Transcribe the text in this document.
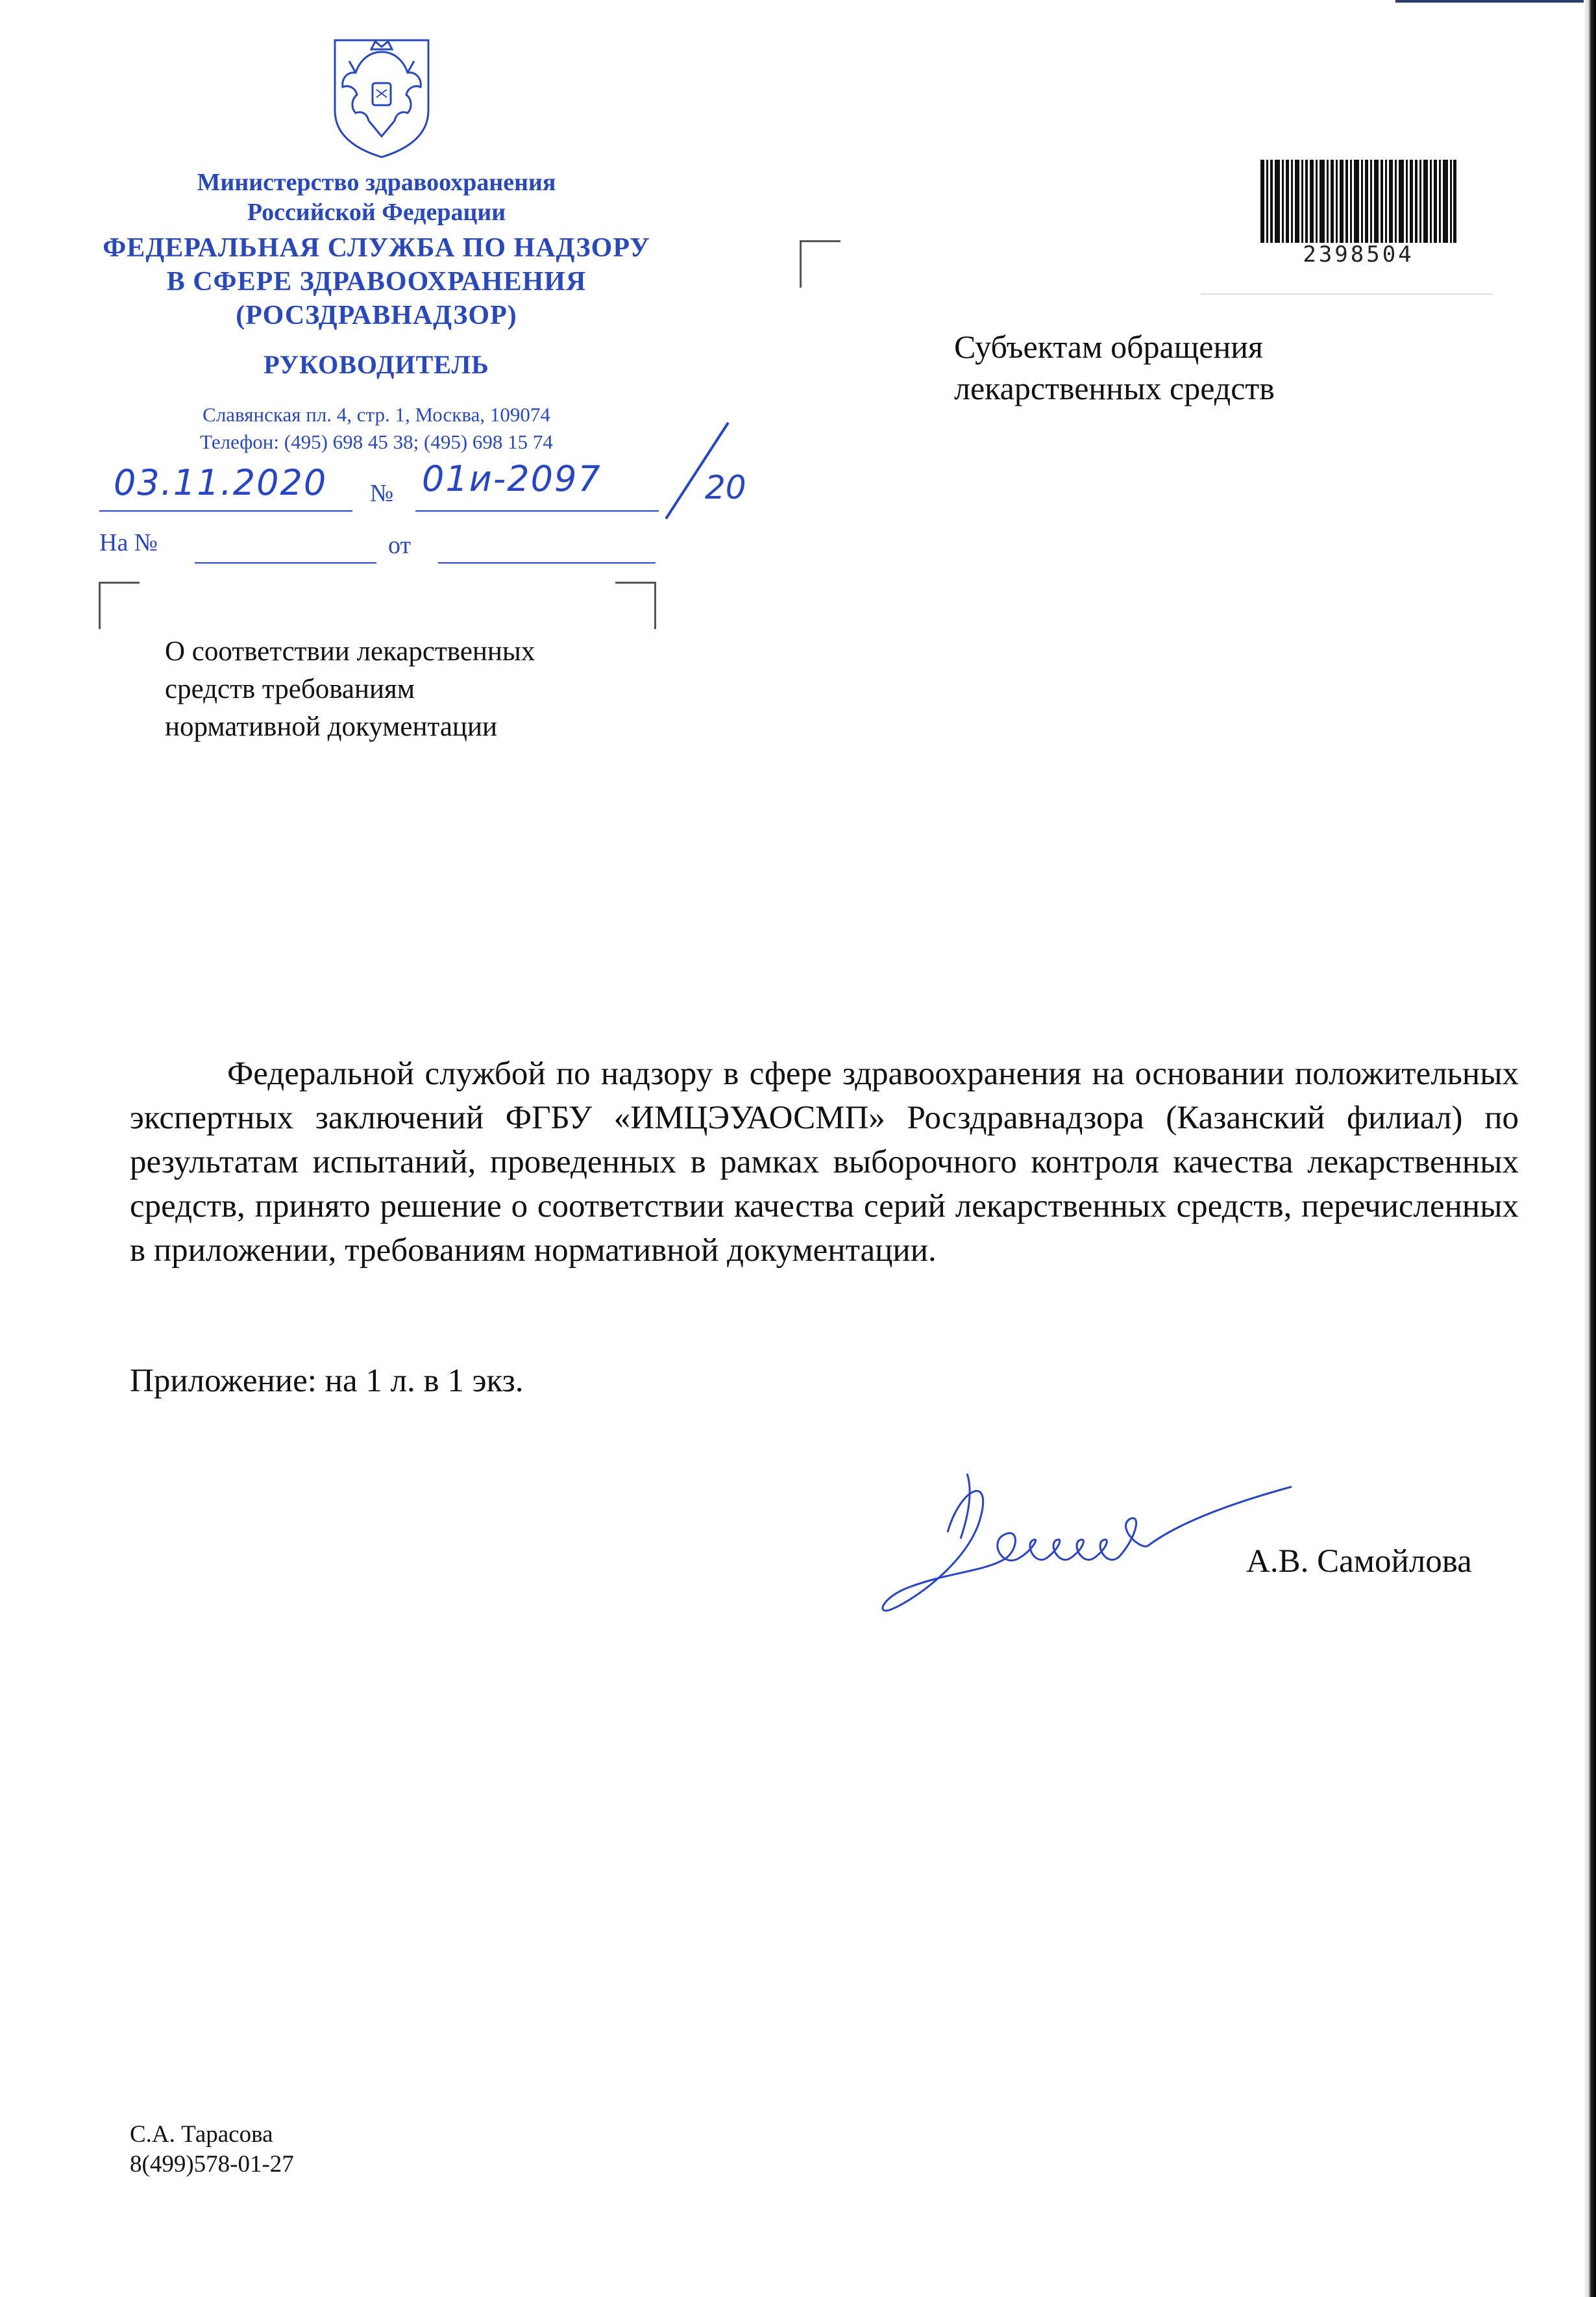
Министерство здравоохранения
Российской Федерации
ФЕДЕРАЛЬНАЯ СЛУЖБА ПО НАДЗОРУ
В СФЕРЕ ЗДРАВООХРАНЕНИЯ
(РОСЗДРАВНАДЗОР)
РУКОВОДИТЕЛЬ
Славянская пл. 4, стр. 1, Москва, 109074
Телефон: (495) 698 45 38; (495) 698 15 74
03.11.2020 № 01и-2097	20
На №	от
О соответствии лекарственных
средств требованиям
нормативной документации
2398504
Субъектам обращения
лекарственных средств
Федеральной службой по надзору в сфере здравоохранения на основании положительных экспертных заключений ФГБУ «ИМЦЭУАОСМП» Росздравнадзора (Казанский филиал) по результатам испытаний, проведенных в рамках выборочного контроля качества лекарственных средств, принято решение о соответствии качества серий лекарственных средств, перечисленных в приложении, требованиям нормативной документации.
Приложение: на 1 л. в 1 экз.
А.В. Самойлова
С.А. Тарасова
8(499)578-01-27
